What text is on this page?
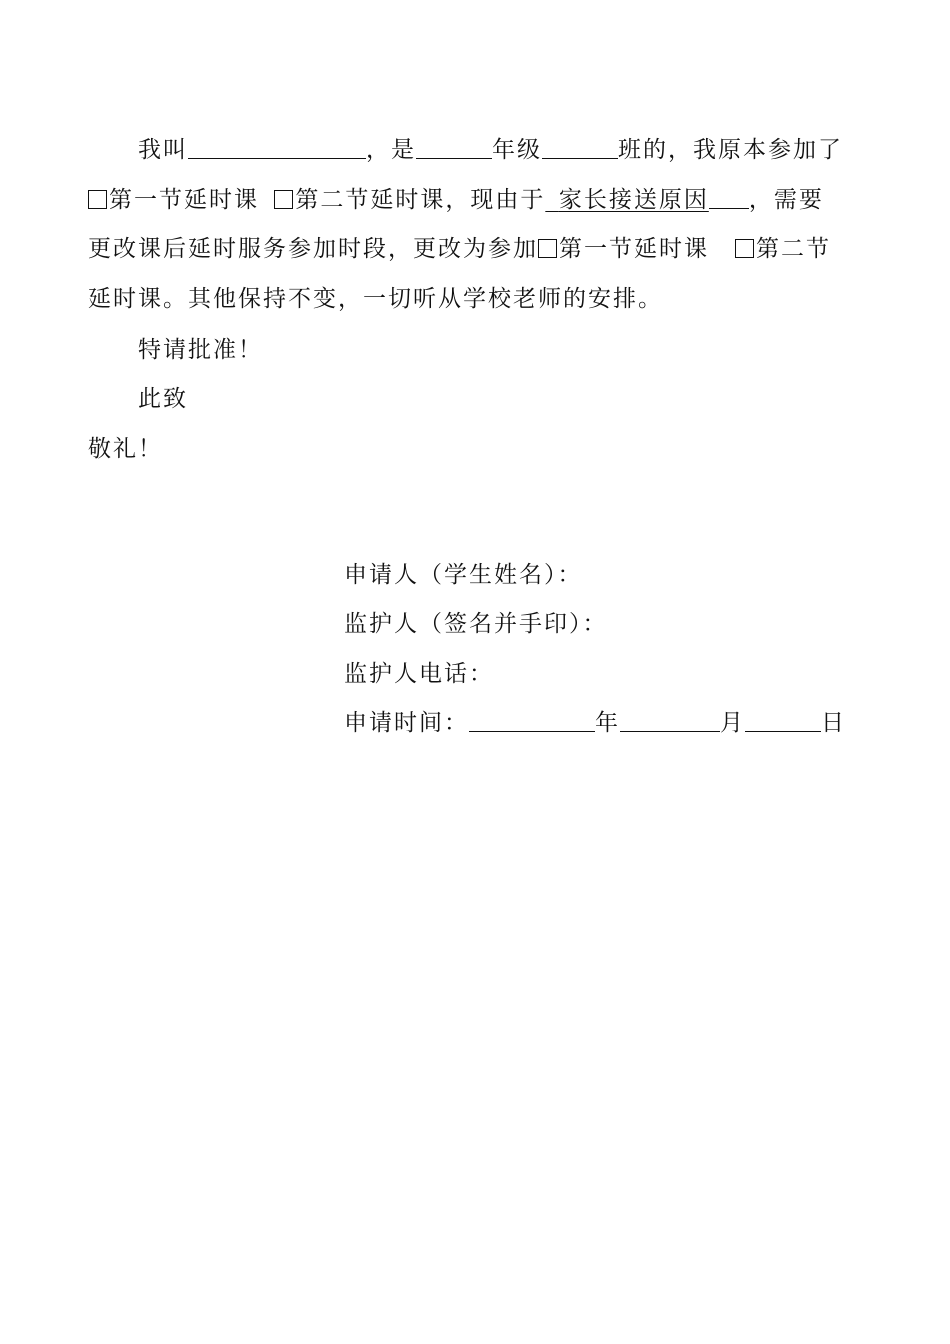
我叫	，是	年级	班的，我原本参加了
第一节延时课 第二节延时课，现由于  家长接送原因 ，需要
更改课后延时服务参加时段，更改为参加 第一节延时课 第二节
延时课。其他保持不变，一切听从学校老师的安排。
特请批准！
此致
敬礼！
申请人（学生姓名）：
监护人（签名并手印）：
监护人电话：
申请时间：	年	月	日
